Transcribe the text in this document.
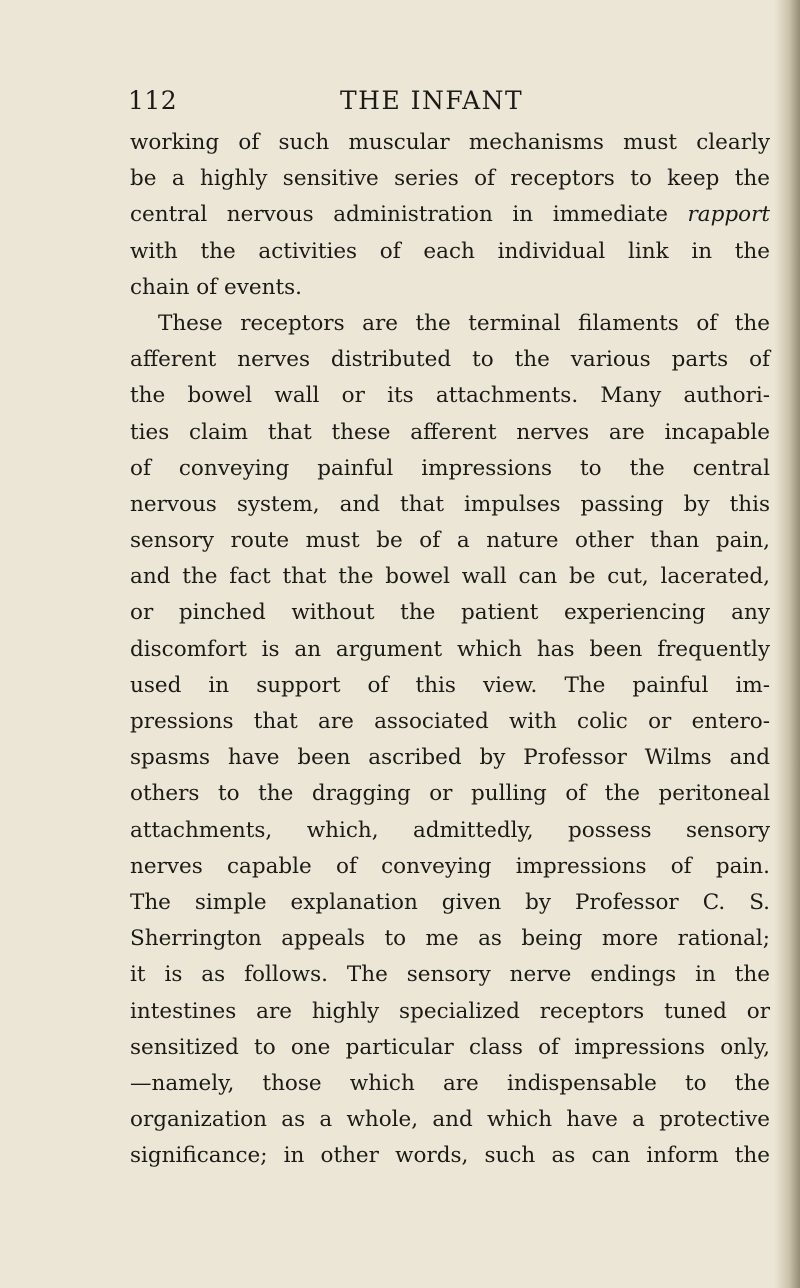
112	THE INFANT
working of such muscular mechanisms must clearly
be a highly sensitive series of receptors to keep the
central nervous administration in immediate rapport
with the activities of each individual link in the
chain of events.
These receptors are the terminal filaments of the
afferent nerves distributed to the various parts of
the bowel wall or its attachments. Many authori-
ties claim that these afferent nerves are incapable
of conveying painful impressions to the central
nervous system, and that impulses passing by this
sensory route must be of a nature other than pain,
and the fact that the bowel wall can be cut, lacerated,
or pinched without the patient experiencing any
discomfort is an argument which has been frequently
used in support of this view. The painful im-
pressions that are associated with colic or entero-
spasms have been ascribed by Professor Wilms and
others to the dragging or pulling of the peritoneal
attachments, which, admittedly, possess sensory
nerves capable of conveying impressions of pain.
The simple explanation given by Professor C. S.
Sherrington appeals to me as being more rational;
it is as follows. The sensory nerve endings in the
intestines are highly specialized receptors tuned or
sensitized to one particular class of impressions only,
—namely, those which are indispensable to the
organization as a whole, and which have a protective
significance; in other words, such as can inform the
